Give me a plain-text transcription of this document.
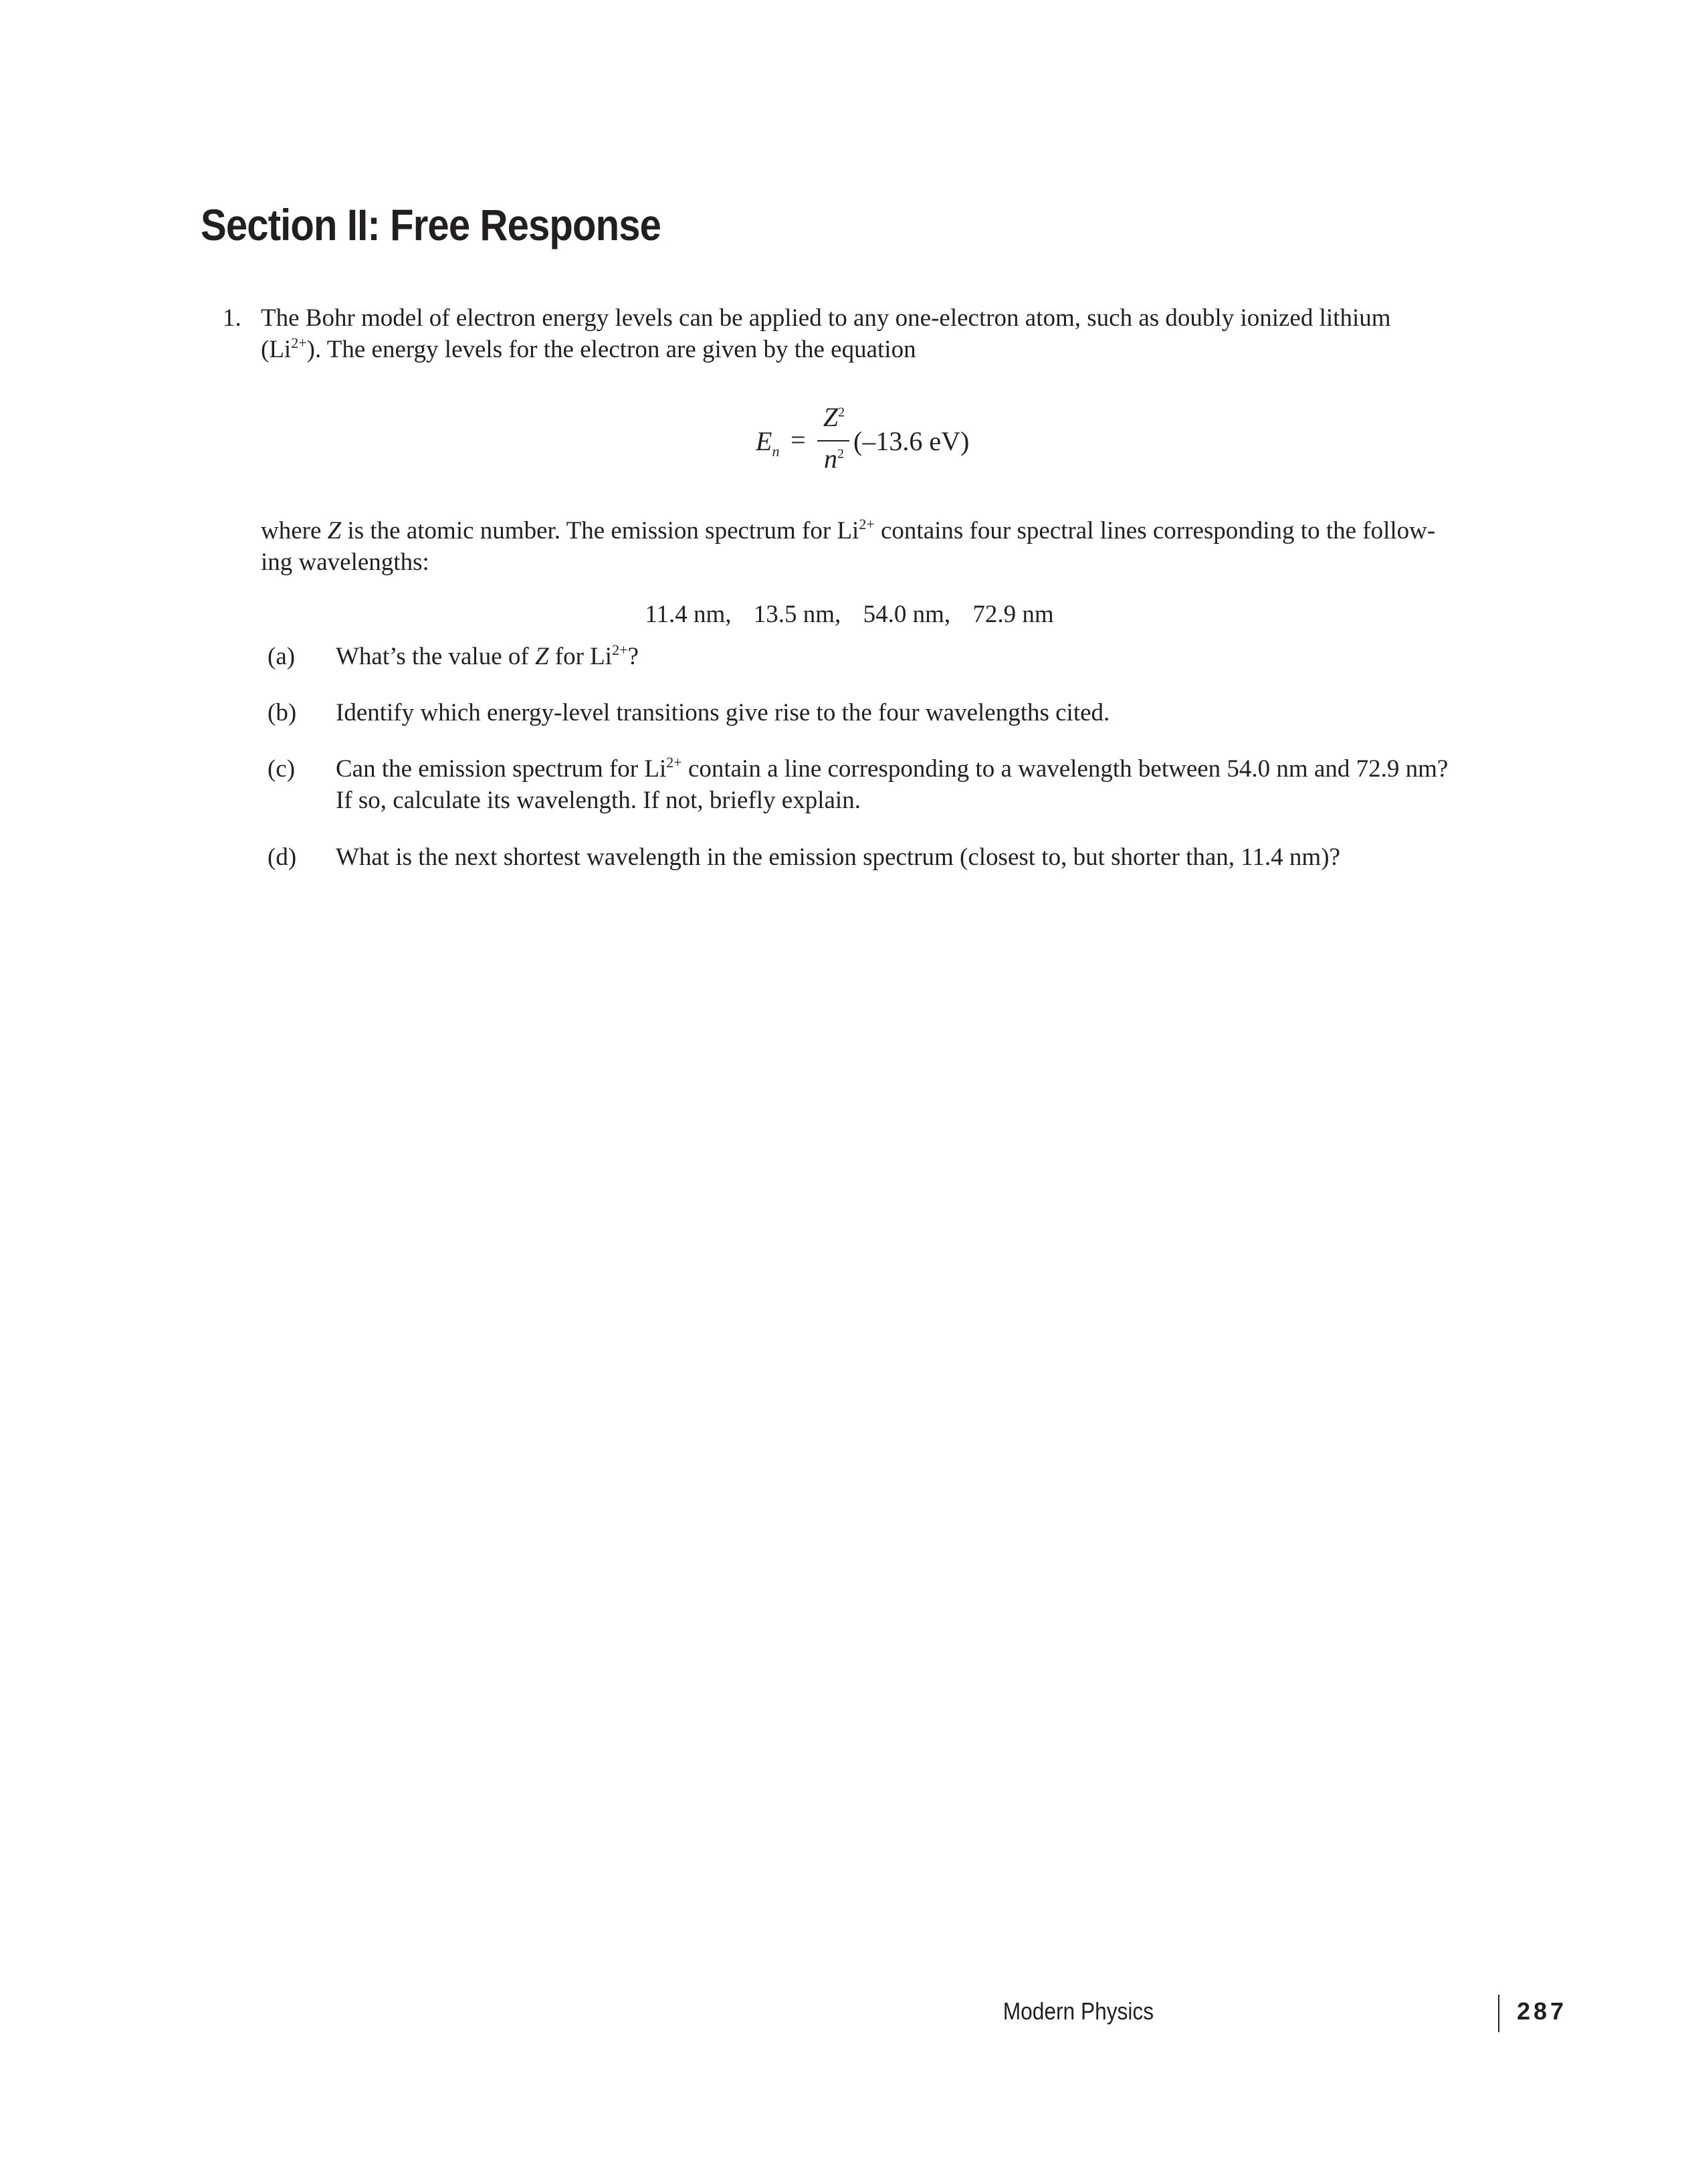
Section II: Free Response
1. The Bohr model of electron energy levels can be applied to any one-electron atom, such as doubly ionized lithium
$(Li^{2+})$. The energy levels for the electron are given by the equation
$E_n$ =
$Z^2$
$n^2$ (–13.6 eV)
where Z is the atomic number. The emission spectrum for $Li^{2+}$ contains four spectral lines corresponding to the follow-
ing wavelengths:
11.4 nm, 13.5 nm, 54.0 nm, 72.9 nm
(a) What’s the value of Z for $Li^{2+}$?
(b) Identify which energy-level transitions give rise to the four wavelengths cited.
(c) Can the emission spectrum for $Li^{2+}$ contain a line corresponding to a wavelength between 54.0 nm and 72.9 nm?
If so, calculate its wavelength. If not, briefly explain.
(d) What is the next shortest wavelength in the emission spectrum (closest to, but shorter than, 11.4 nm)?
Modern Physics	287
